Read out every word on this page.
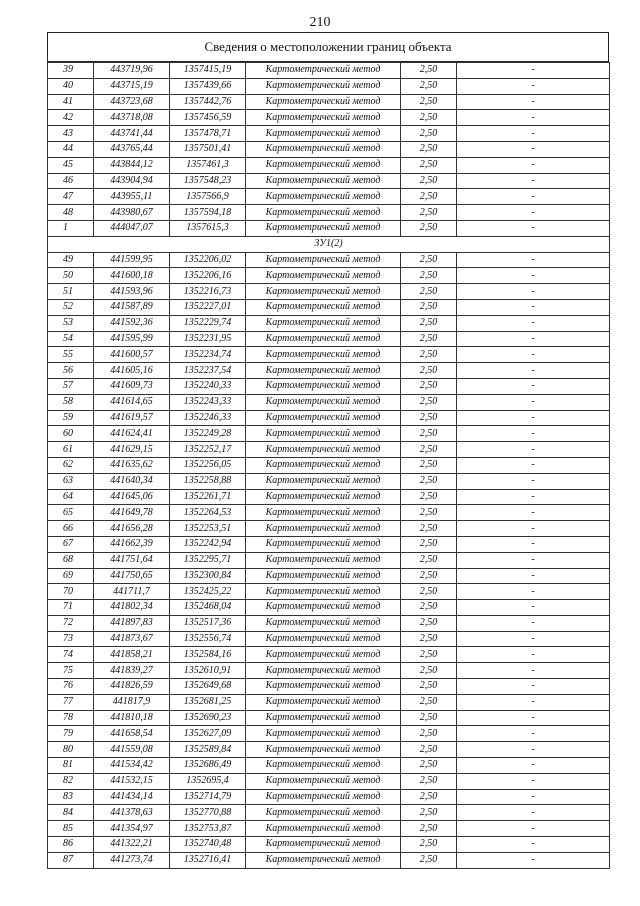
210
Сведения о местоположении границ объекта
39	443719,96	1357415,19	Картометрический метод	2,50	-
40	443715,19	1357439,66	Картометрический метод	2,50	-
41	443723,68	1357442,76	Картометрический метод	2,50	-
42	443718,08	1357456,59	Картометрический метод	2,50	-
43	443741,44	1357478,71	Картометрический метод	2,50	-
44	443765,44	1357501,41	Картометрический метод	2,50	-
45	443844,12	1357461,3	Картометрический метод	2,50	-
46	443904,94	1357548,23	Картометрический метод	2,50	-
47	443955,11	1357566,9	Картометрический метод	2,50	-
48	443980,67	1357594,18	Картометрический метод	2,50	-
1	444047,07	1357615,3	Картометрический метод	2,50	-
ЗУ1(2)					
49	441599,95	1352206,02	Картометрический метод	2,50	-
50	441600,18	1352206,16	Картометрический метод	2,50	-
51	441593,96	1352216,73	Картометрический метод	2,50	-
52	441587,89	1352227,01	Картометрический метод	2,50	-
53	441592,36	1352229,74	Картометрический метод	2,50	-
54	441595,99	1352231,95	Картометрический метод	2,50	-
55	441600,57	1352234,74	Картометрический метод	2,50	-
56	441605,16	1352237,54	Картометрический метод	2,50	-
57	441609,73	1352240,33	Картометрический метод	2,50	-
58	441614,65	1352243,33	Картометрический метод	2,50	-
59	441619,57	1352246,33	Картометрический метод	2,50	-
60	441624,41	1352249,28	Картометрический метод	2,50	-
61	441629,15	1352252,17	Картометрический метод	2,50	-
62	441635,62	1352256,05	Картометрический метод	2,50	-
63	441640,34	1352258,88	Картометрический метод	2,50	-
64	441645,06	1352261,71	Картометрический метод	2,50	-
65	441649,78	1352264,53	Картометрический метод	2,50	-
66	441656,28	1352253,51	Картометрический метод	2,50	-
67	441662,39	1352242,94	Картометрический метод	2,50	-
68	441751,64	1352295,71	Картометрический метод	2,50	-
69	441750,65	1352300,84	Картометрический метод	2,50	-
70	441711,7	1352425,22	Картометрический метод	2,50	-
71	441802,34	1352468,04	Картометрический метод	2,50	-
72	441897,83	1352517,36	Картометрический метод	2,50	-
73	441873,67	1352556,74	Картометрический метод	2,50	-
74	441858,21	1352584,16	Картометрический метод	2,50	-
75	441839,27	1352610,91	Картометрический метод	2,50	-
76	441826,59	1352649,68	Картометрический метод	2,50	-
77	441817,9	1352681,25	Картометрический метод	2,50	-
78	441810,18	1352690,23	Картометрический метод	2,50	-
79	441658,54	1352627,09	Картометрический метод	2,50	-
80	441559,08	1352589,84	Картометрический метод	2,50	-
81	441534,42	1352686,49	Картометрический метод	2,50	-
82	441532,15	1352695,4	Картометрический метод	2,50	-
83	441434,14	1352714,79	Картометрический метод	2,50	-
84	441378,63	1352770,88	Картометрический метод	2,50	-
85	441354,97	1352753,87	Картометрический метод	2,50	-
86	441322,21	1352740,48	Картометрический метод	2,50	-
87	441273,74	1352716,41	Картометрический метод	2,50	-
